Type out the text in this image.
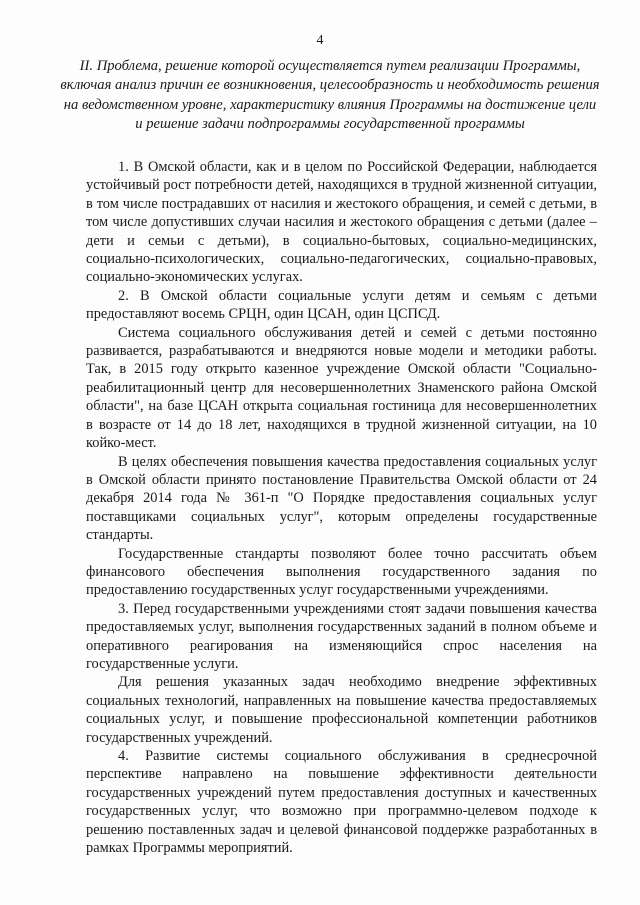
4
II. Проблема, решение которой осуществляется путем реализации Программы, включая анализ причин ее возникновения, целесообразность и необходимость решения на ведомственном уровне, характеристику влияния Программы на достижение цели и решение задачи подпрограммы государственной программы

1. В Омской области, как и в целом по Российской Федерации, наблюдается устойчивый рост потребности детей, находящихся в трудной жизненной ситуации, в том числе пострадавших от насилия и жестокого обращения, и семей с детьми, в том числе допустивших случаи насилия и жестокого обращения с детьми (далее – дети и семьи с детьми), в социально-бытовых, социально-медицинских, социально-психологических, социально-педагогических, социально-правовых, социально-экономических услугах.

2. В Омской области социальные услуги детям и семьям с детьми предоставляют восемь СРЦН, один ЦСАН, один ЦСПСД.

Система социального обслуживания детей и семей с детьми постоянно развивается, разрабатываются и внедряются новые модели и методики работы. Так, в 2015 году открыто казенное учреждение Омской области "Социально-реабилитационный центр для несовершеннолетних Знаменского района Омской области", на базе ЦСАН открыта социальная гостиница для несовершеннолетних в возрасте от 14 до 18 лет, находящихся в трудной жизненной ситуации, на 10 койко-мест.

В целях обеспечения повышения качества предоставления социальных услуг в Омской области принято постановление Правительства Омской области от 24 декабря 2014 года № 361-п "О Порядке предоставления социальных услуг поставщиками социальных услуг", которым определены государственные стандарты.

Государственные стандарты позволяют более точно рассчитать объем финансового обеспечения выполнения государственного задания по предоставлению государственных услуг государственными учреждениями.

3. Перед государственными учреждениями стоят задачи повышения качества предоставляемых услуг, выполнения государственных заданий в полном объеме и оперативного реагирования на изменяющийся спрос населения на государственные услуги.

Для решения указанных задач необходимо внедрение эффективных социальных технологий, направленных на повышение качества предоставляемых социальных услуг, и повышение профессиональной компетенции работников государственных учреждений.

4. Развитие системы социального обслуживания в среднесрочной перспективе направлено на повышение эффективности деятельности государственных учреждений путем предоставления доступных и качественных государственных услуг, что возможно при программно-целевом подходе к решению поставленных задач и целевой финансовой поддержке разработанных в рамках Программы мероприятий.
